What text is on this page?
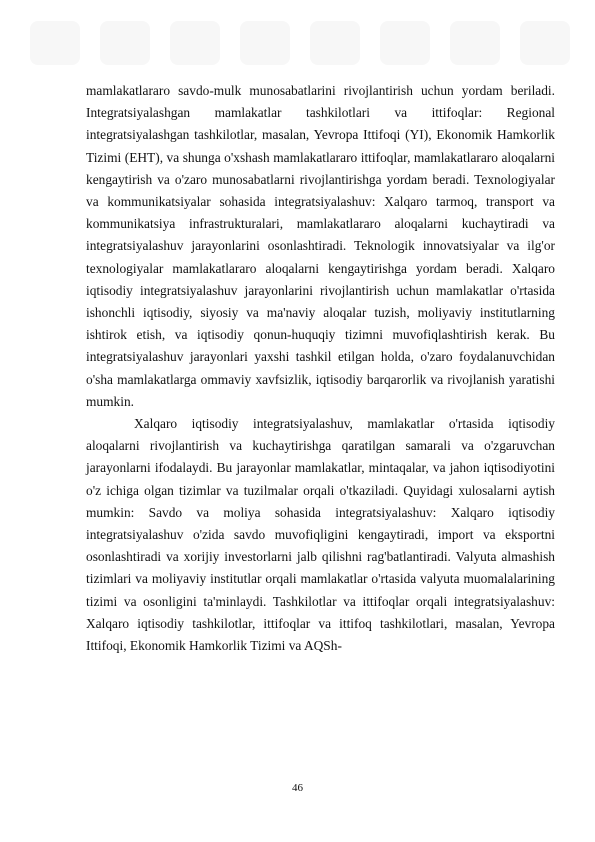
mamlakatlararo savdo-mulk munosabatlarini rivojlantirish uchun yordam beriladi. Integratsiyalashgan mamlakatlar tashkilotlari va ittifoqlar: Regional integratsiyalashgan tashkilotlar, masalan, Yevropa Ittifoqi (YI), Ekonomik Hamkorlik Tizimi (EHT), va shunga o'xshash mamlakatlararo ittifoqlar, mamlakatlararo aloqalarni kengaytirish va o'zaro munosabatlarni rivojlantirishga yordam beradi. Texnologiyalar va kommunikatsiyalar sohasida integratsiyalashuv: Xalqaro tarmoq, transport va kommunikatsiya infrastrukturalari, mamlakatlararo aloqalarni kuchaytiradi va integratsiyalashuv jarayonlarini osonlashtiradi. Teknologik innovatsiyalar va ilg'or texnologiyalar mamlakatlararo aloqalarni kengaytirishga yordam beradi. Xalqaro iqtisodiy integratsiyalashuv jarayonlarini rivojlantirish uchun mamlakatlar o'rtasida ishonchli iqtisodiy, siyosiy va ma'naviy aloqalar tuzish, moliyaviy institutlarning ishtirok etish, va iqtisodiy qonun-huquqiy tizimni muvofiqlashtirish kerak. Bu integratsiyalashuv jarayonlari yaxshi tashkil etilgan holda, o'zaro foydalanuvchidan o'sha mamlakatlarga ommaviy xavfsizlik, iqtisodiy barqarorlik va rivojlanish yaratishi mumkin.

Xalqaro iqtisodiy integratsiyalashuv, mamlakatlar o'rtasida iqtisodiy aloqalarni rivojlantirish va kuchaytirishga qaratilgan samarali va o'zgaruvchan jarayonlarni ifodalaydi. Bu jarayonlar mamlakatlar, mintaqalar, va jahon iqtisodiyotini o'z ichiga olgan tizimlar va tuzilmalar orqali o'tkaziladi. Quyidagi xulosalarni aytish mumkin: Savdo va moliya sohasida integratsiyalashuv: Xalqaro iqtisodiy integratsiyalashuv o'zida savdo muvofiqligini kengaytiradi, import va eksportni osonlashtiradi va xorijiy investorlarni jalb qilishni rag'batlantiradi. Valyuta almashish tizimlari va moliyaviy institutlar orqali mamlakatlar o'rtasida valyuta muomalalarining tizimi va osonligini ta'minlaydi. Tashkilotlar va ittifoqlar orqali integratsiyalashuv: Xalqaro iqtisodiy tashkilotlar, ittifoqlar va ittifoq tashkilotlari, masalan, Yevropa Ittifoqi, Ekonomik Hamkorlik Tizimi va AQSh-

46
